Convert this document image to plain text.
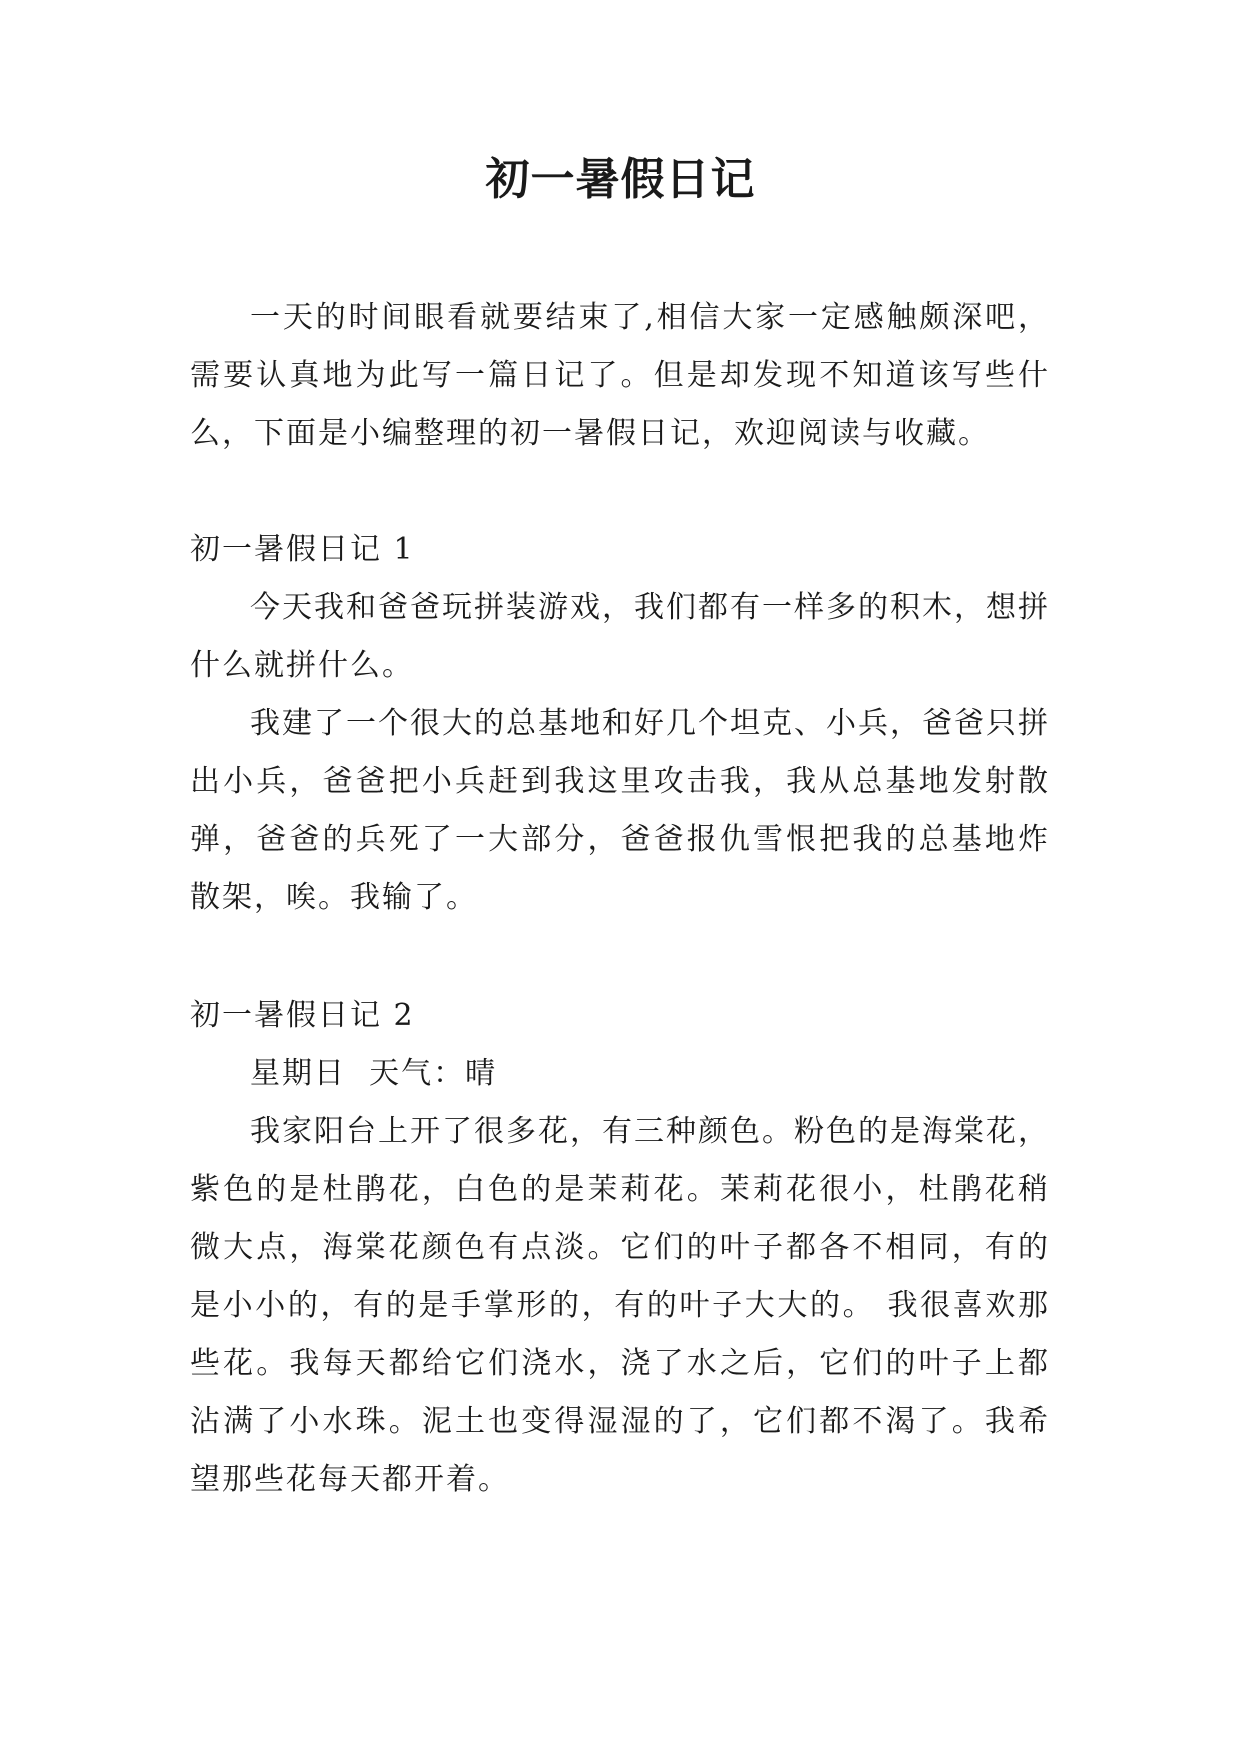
初一暑假日记

一天的时间眼看就要结束了,相信大家一定感触颇深吧，需要认真地为此写一篇日记了。但是却发现不知道该写些什么，下面是小编整理的初一暑假日记，欢迎阅读与收藏。

初一暑假日记 1

今天我和爸爸玩拼装游戏，我们都有一样多的积木，想拼什么就拼什么。

我建了一个很大的总基地和好几个坦克、小兵，爸爸只拼出小兵，爸爸把小兵赶到我这里攻击我，我从总基地发射散弹，爸爸的兵死了一大部分，爸爸报仇雪恨把我的总基地炸散架，唉。我输了。

初一暑假日记 2

星期日  天气：晴

我家阳台上开了很多花，有三种颜色。粉色的是海棠花，紫色的是杜鹃花，白色的是茉莉花。茉莉花很小，杜鹃花稍微大点，海棠花颜色有点淡。它们的叶子都各不相同，有的是小小的，有的是手掌形的，有的叶子大大的。 我很喜欢那些花。我每天都给它们浇水，浇了水之后，它们的叶子上都沾满了小水珠。泥土也变得湿湿的了，它们都不渴了。我希望那些花每天都开着。
